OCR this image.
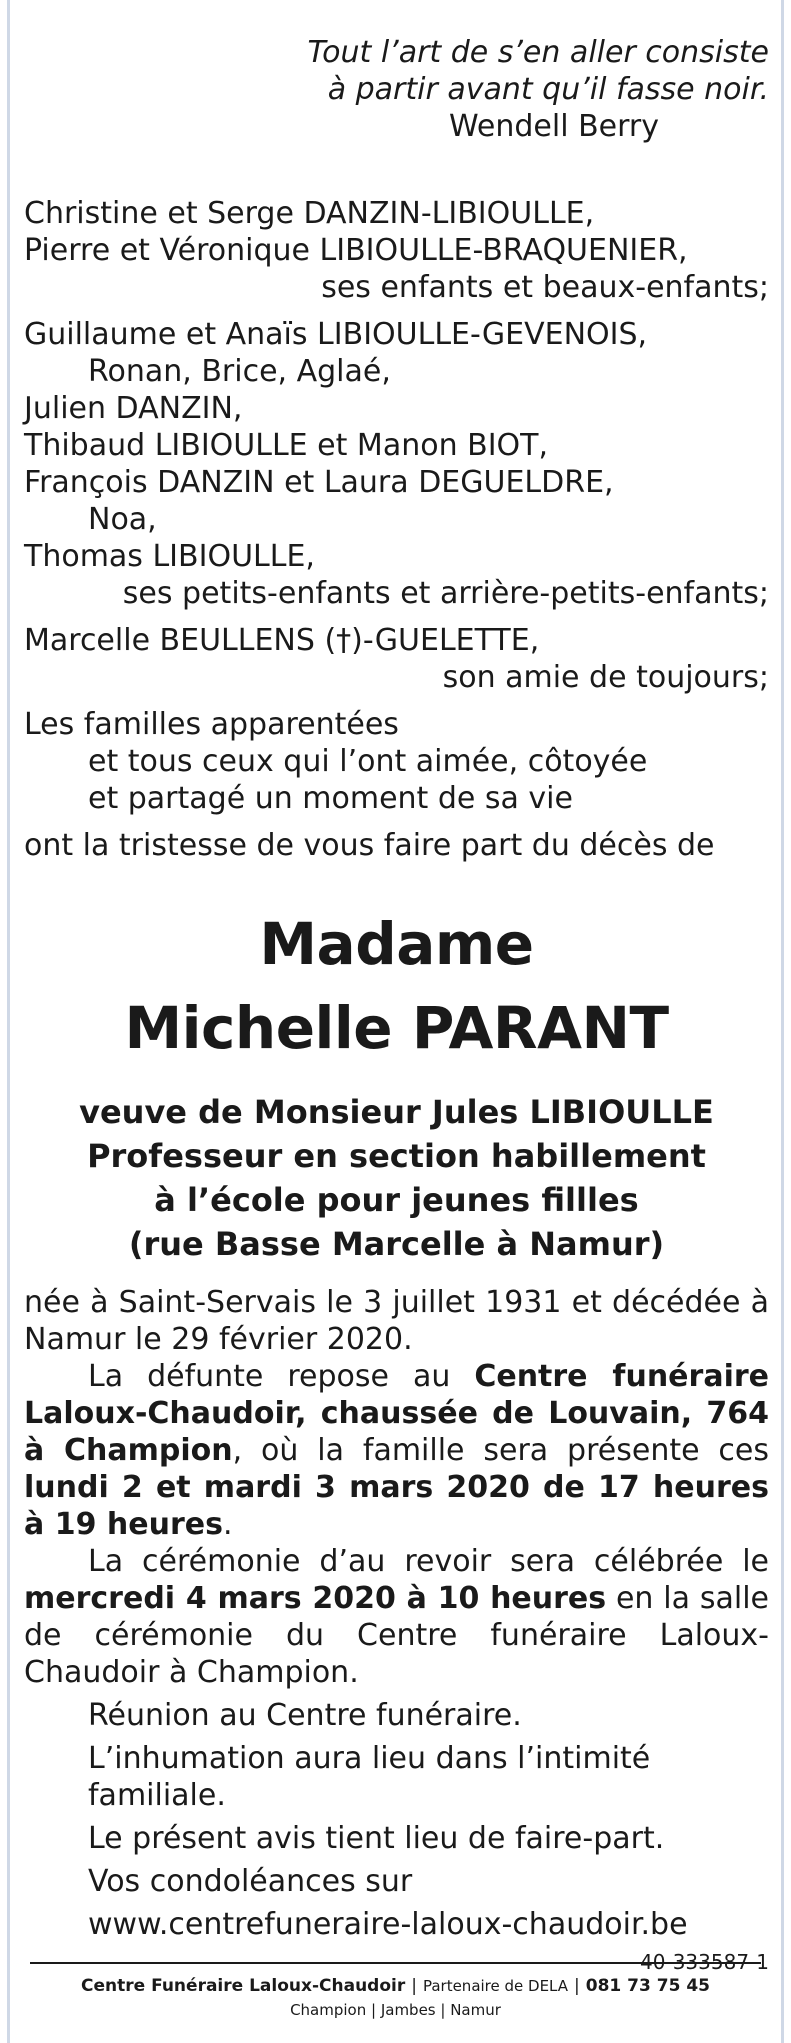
Tout l’art de s’en aller consiste
à partir avant qu’il fasse noir.
Wendell Berry
Christine et Serge DANZIN-LIBIOULLE,
Pierre et Véronique LIBIOULLE-BRAQUENIER,
ses enfants et beaux-enfants;
Guillaume et Anaïs LIBIOULLE-GEVENOIS,
Ronan, Brice, Aglaé,
Julien DANZIN,
Thibaud LIBIOULLE et Manon BIOT,
François DANZIN et Laura DEGUELDRE,
Noa,
Thomas LIBIOULLE,
ses petits-enfants et arrière-petits-enfants;
Marcelle BEULLENS (†)-GUELETTE,
son amie de toujours;
Les familles apparentées
et tous ceux qui l’ont aimée, côtoyée
et partagé un moment de sa vie
ont la tristesse de vous faire part du décès de
Madame
Michelle PARANT
veuve de Monsieur Jules LIBIOULLE
Professeur en section habillement
à l’école pour jeunes fillles
(rue Basse Marcelle à Namur)

née à Saint-Servais le 3 juillet 1931 et décédée à Namur le 29 février 2020.

La défunte repose au Centre funéraire Laloux-Chaudoir, chaussée de Louvain, 764 à Champion, où la famille sera présente ces lundi 2 et mardi 3 mars 2020 de 17 heures à 19 heures.

La cérémonie d’au revoir sera célébrée le mercredi 4 mars 2020 à 10 heures en la salle de cérémonie du Centre funéraire Laloux-Chaudoir à Champion.

Réunion au Centre funéraire.
L’inhumation aura lieu dans l’intimité familiale.
Le présent avis tient lieu de faire-part.
Vos condoléances sur
www.centrefuneraire-laloux-chaudoir.be
40-333587-1
Centre Funéraire Laloux-Chaudoir | Partenaire de DELA | 081 73 75 45
Champion | Jambes | Namur
